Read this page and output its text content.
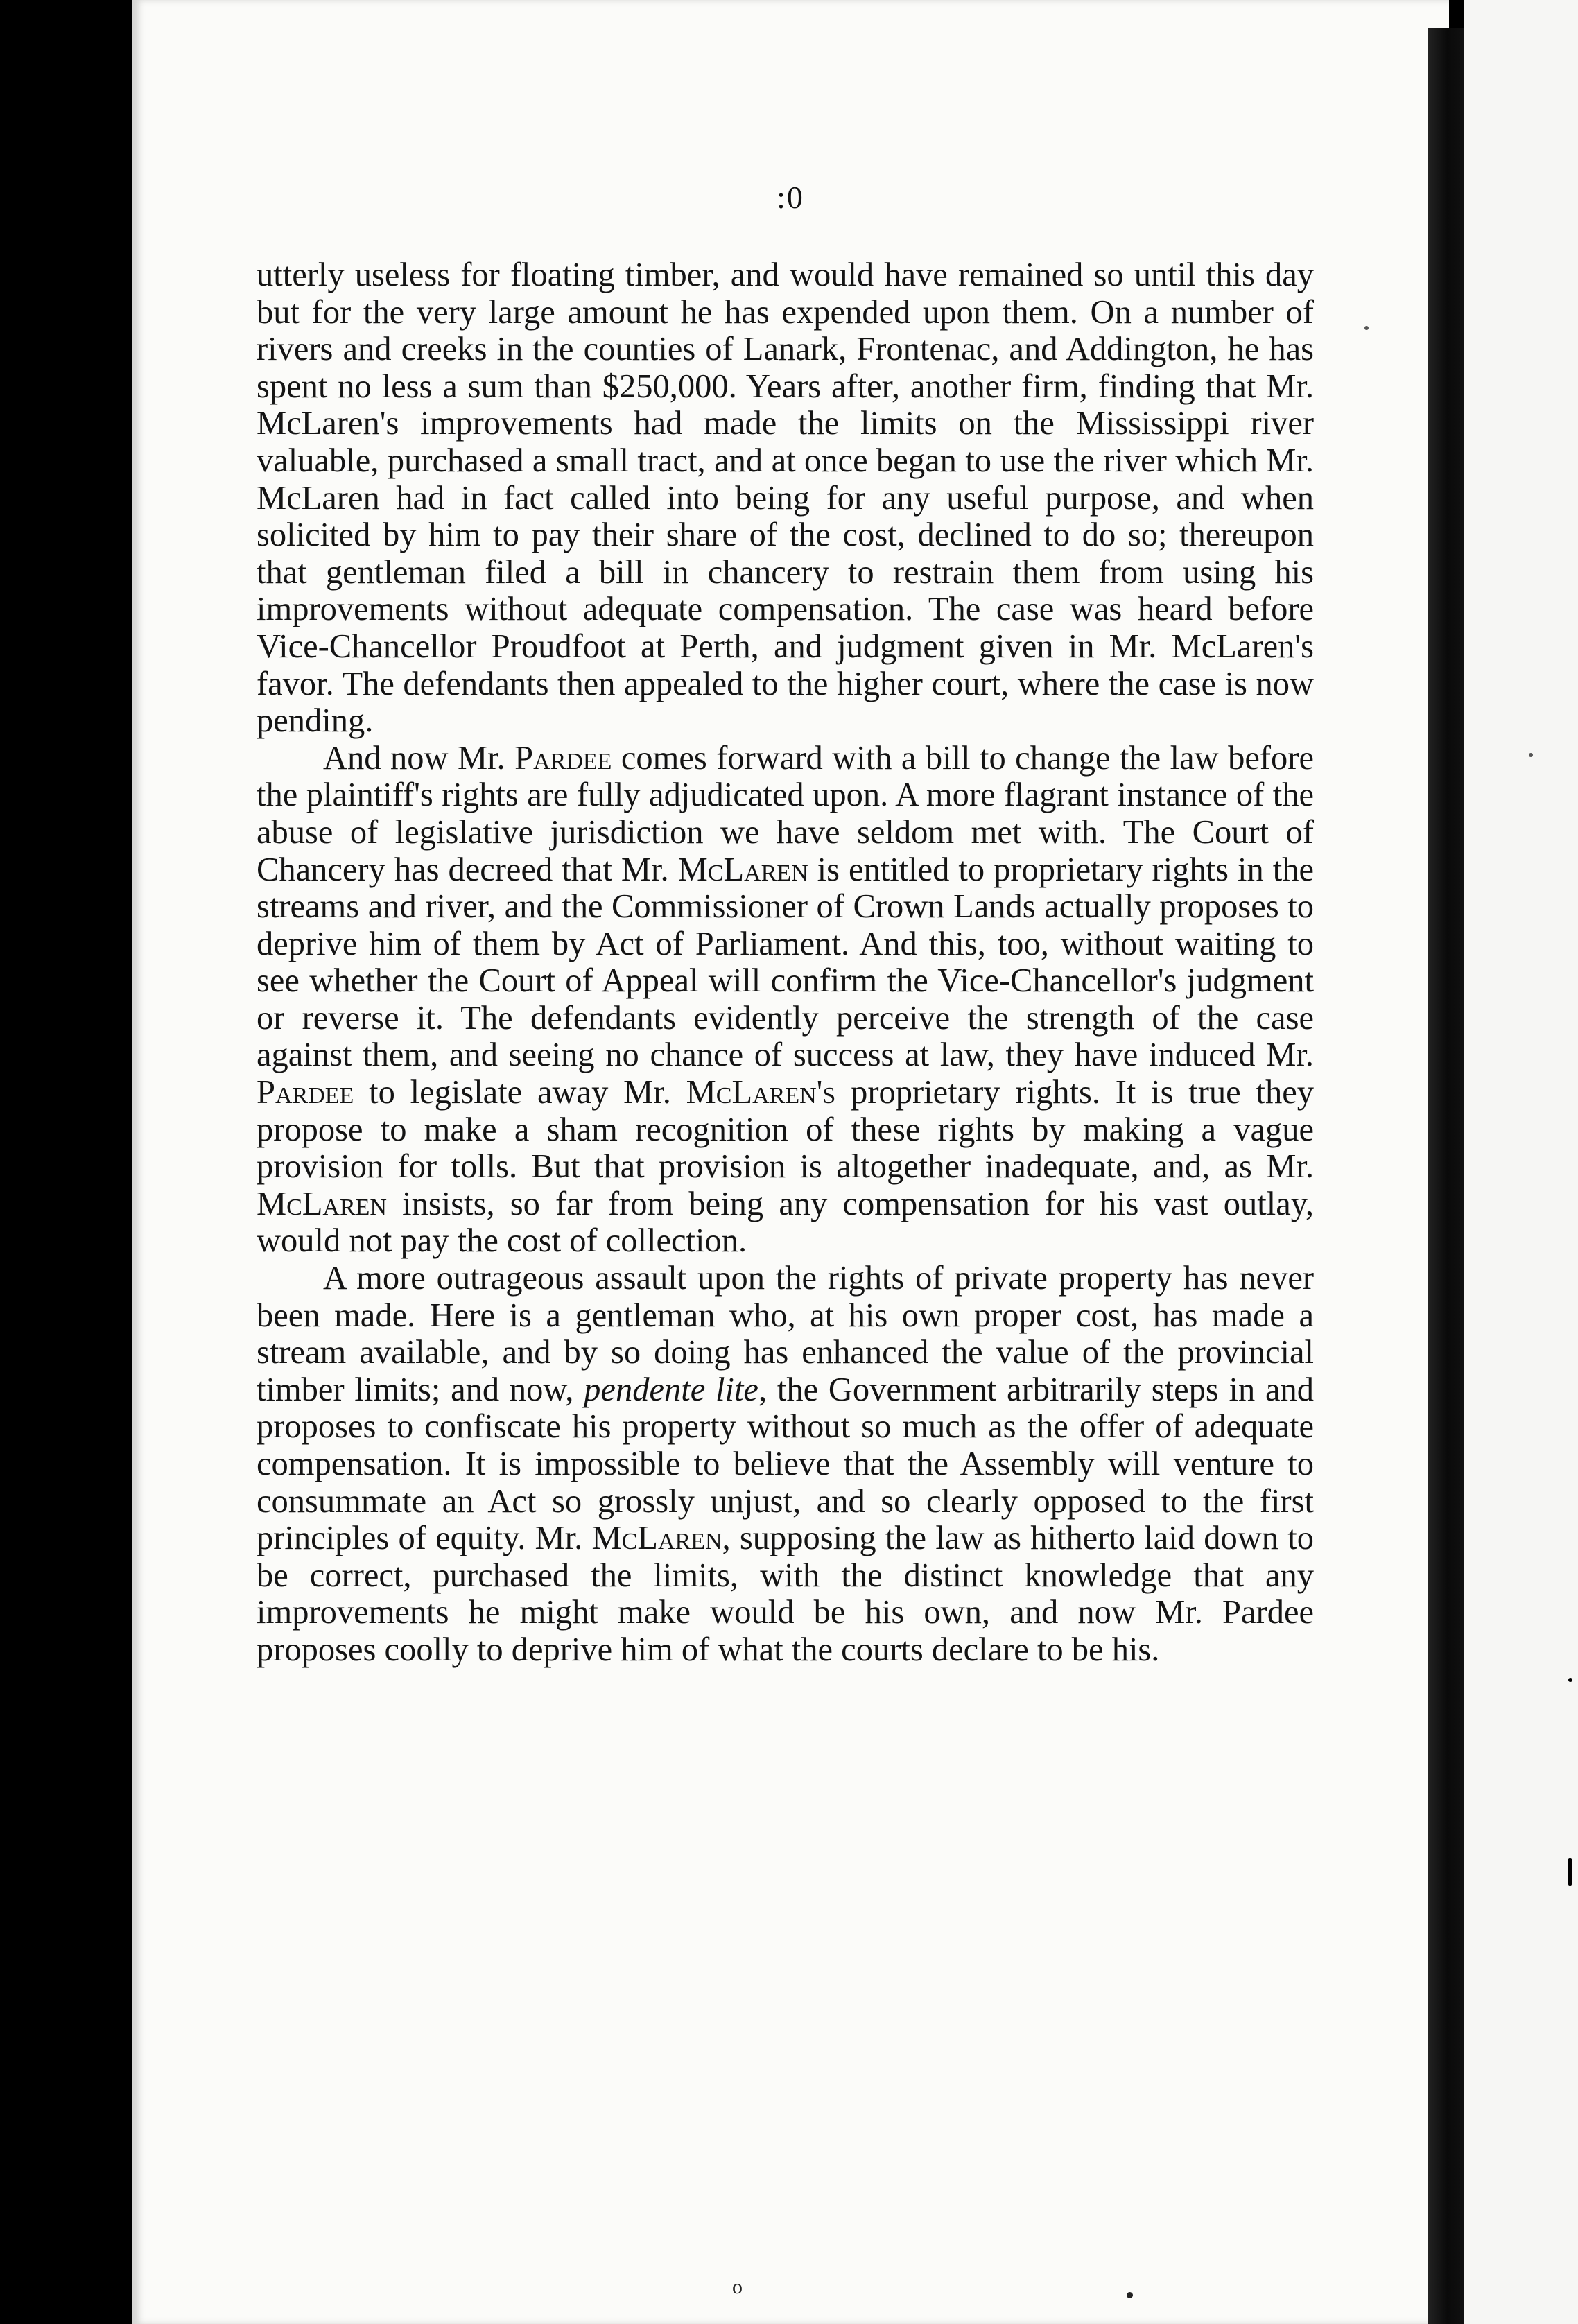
:0

utterly useless for floating timber, and would have remained so until this day but for the very large amount he has expended upon them. On a number of rivers and creeks in the counties of Lanark, Frontenac, and Addington, he has spent no less a sum than $250,000. Years after, another firm, finding that Mr. McLaren's improvements had made the limits on the Mississippi river valuable, purchased a small tract, and at once began to use the river which Mr. McLaren had in fact called into being for any useful purpose, and when solicited by him to pay their share of the cost, declined to do so; thereupon that gentleman filed a bill in chancery to restrain them from using his improvements without adequate compensation. The case was heard before Vice-Chancellor Proudfoot at Perth, and judgment given in Mr. McLaren's favor. The defendants then appealed to the higher court, where the case is now pending.

And now Mr. Pardee comes forward with a bill to change the law before the plaintiff's rights are fully adjudicated upon. A more flagrant instance of the abuse of legislative jurisdiction we have seldom met with. The Court of Chancery has decreed that Mr. McLaren is entitled to proprietary rights in the streams and river, and the Commissioner of Crown Lands actually proposes to deprive him of them by Act of Parliament. And this, too, without waiting to see whether the Court of Appeal will confirm the Vice-Chancellor's judgment or reverse it. The defendants evidently perceive the strength of the case against them, and seeing no chance of success at law, they have induced Mr. Pardee to legislate away Mr. McLaren's proprietary rights. It is true they propose to make a sham recognition of these rights by making a vague provision for tolls. But that provision is altogether inadequate, and, as Mr. McLaren insists, so far from being any compensation for his vast outlay, would not pay the cost of collection.

A more outrageous assault upon the rights of private property has never been made. Here is a gentleman who, at his own proper cost, has made a stream available, and by so doing has enhanced the value of the provincial timber limits; and now, pendente lite, the Government arbitrarily steps in and proposes to confiscate his property without so much as the offer of adequate compensation. It is impossible to believe that the Assembly will venture to consummate an Act so grossly unjust, and so clearly opposed to the first principles of equity. Mr. McLaren, supposing the law as hitherto laid down to be correct, purchased the limits, with the distinct knowledge that any improvements he might make would be his own, and now Mr. Pardee proposes coolly to deprive him of what the courts declare to be his.

o
